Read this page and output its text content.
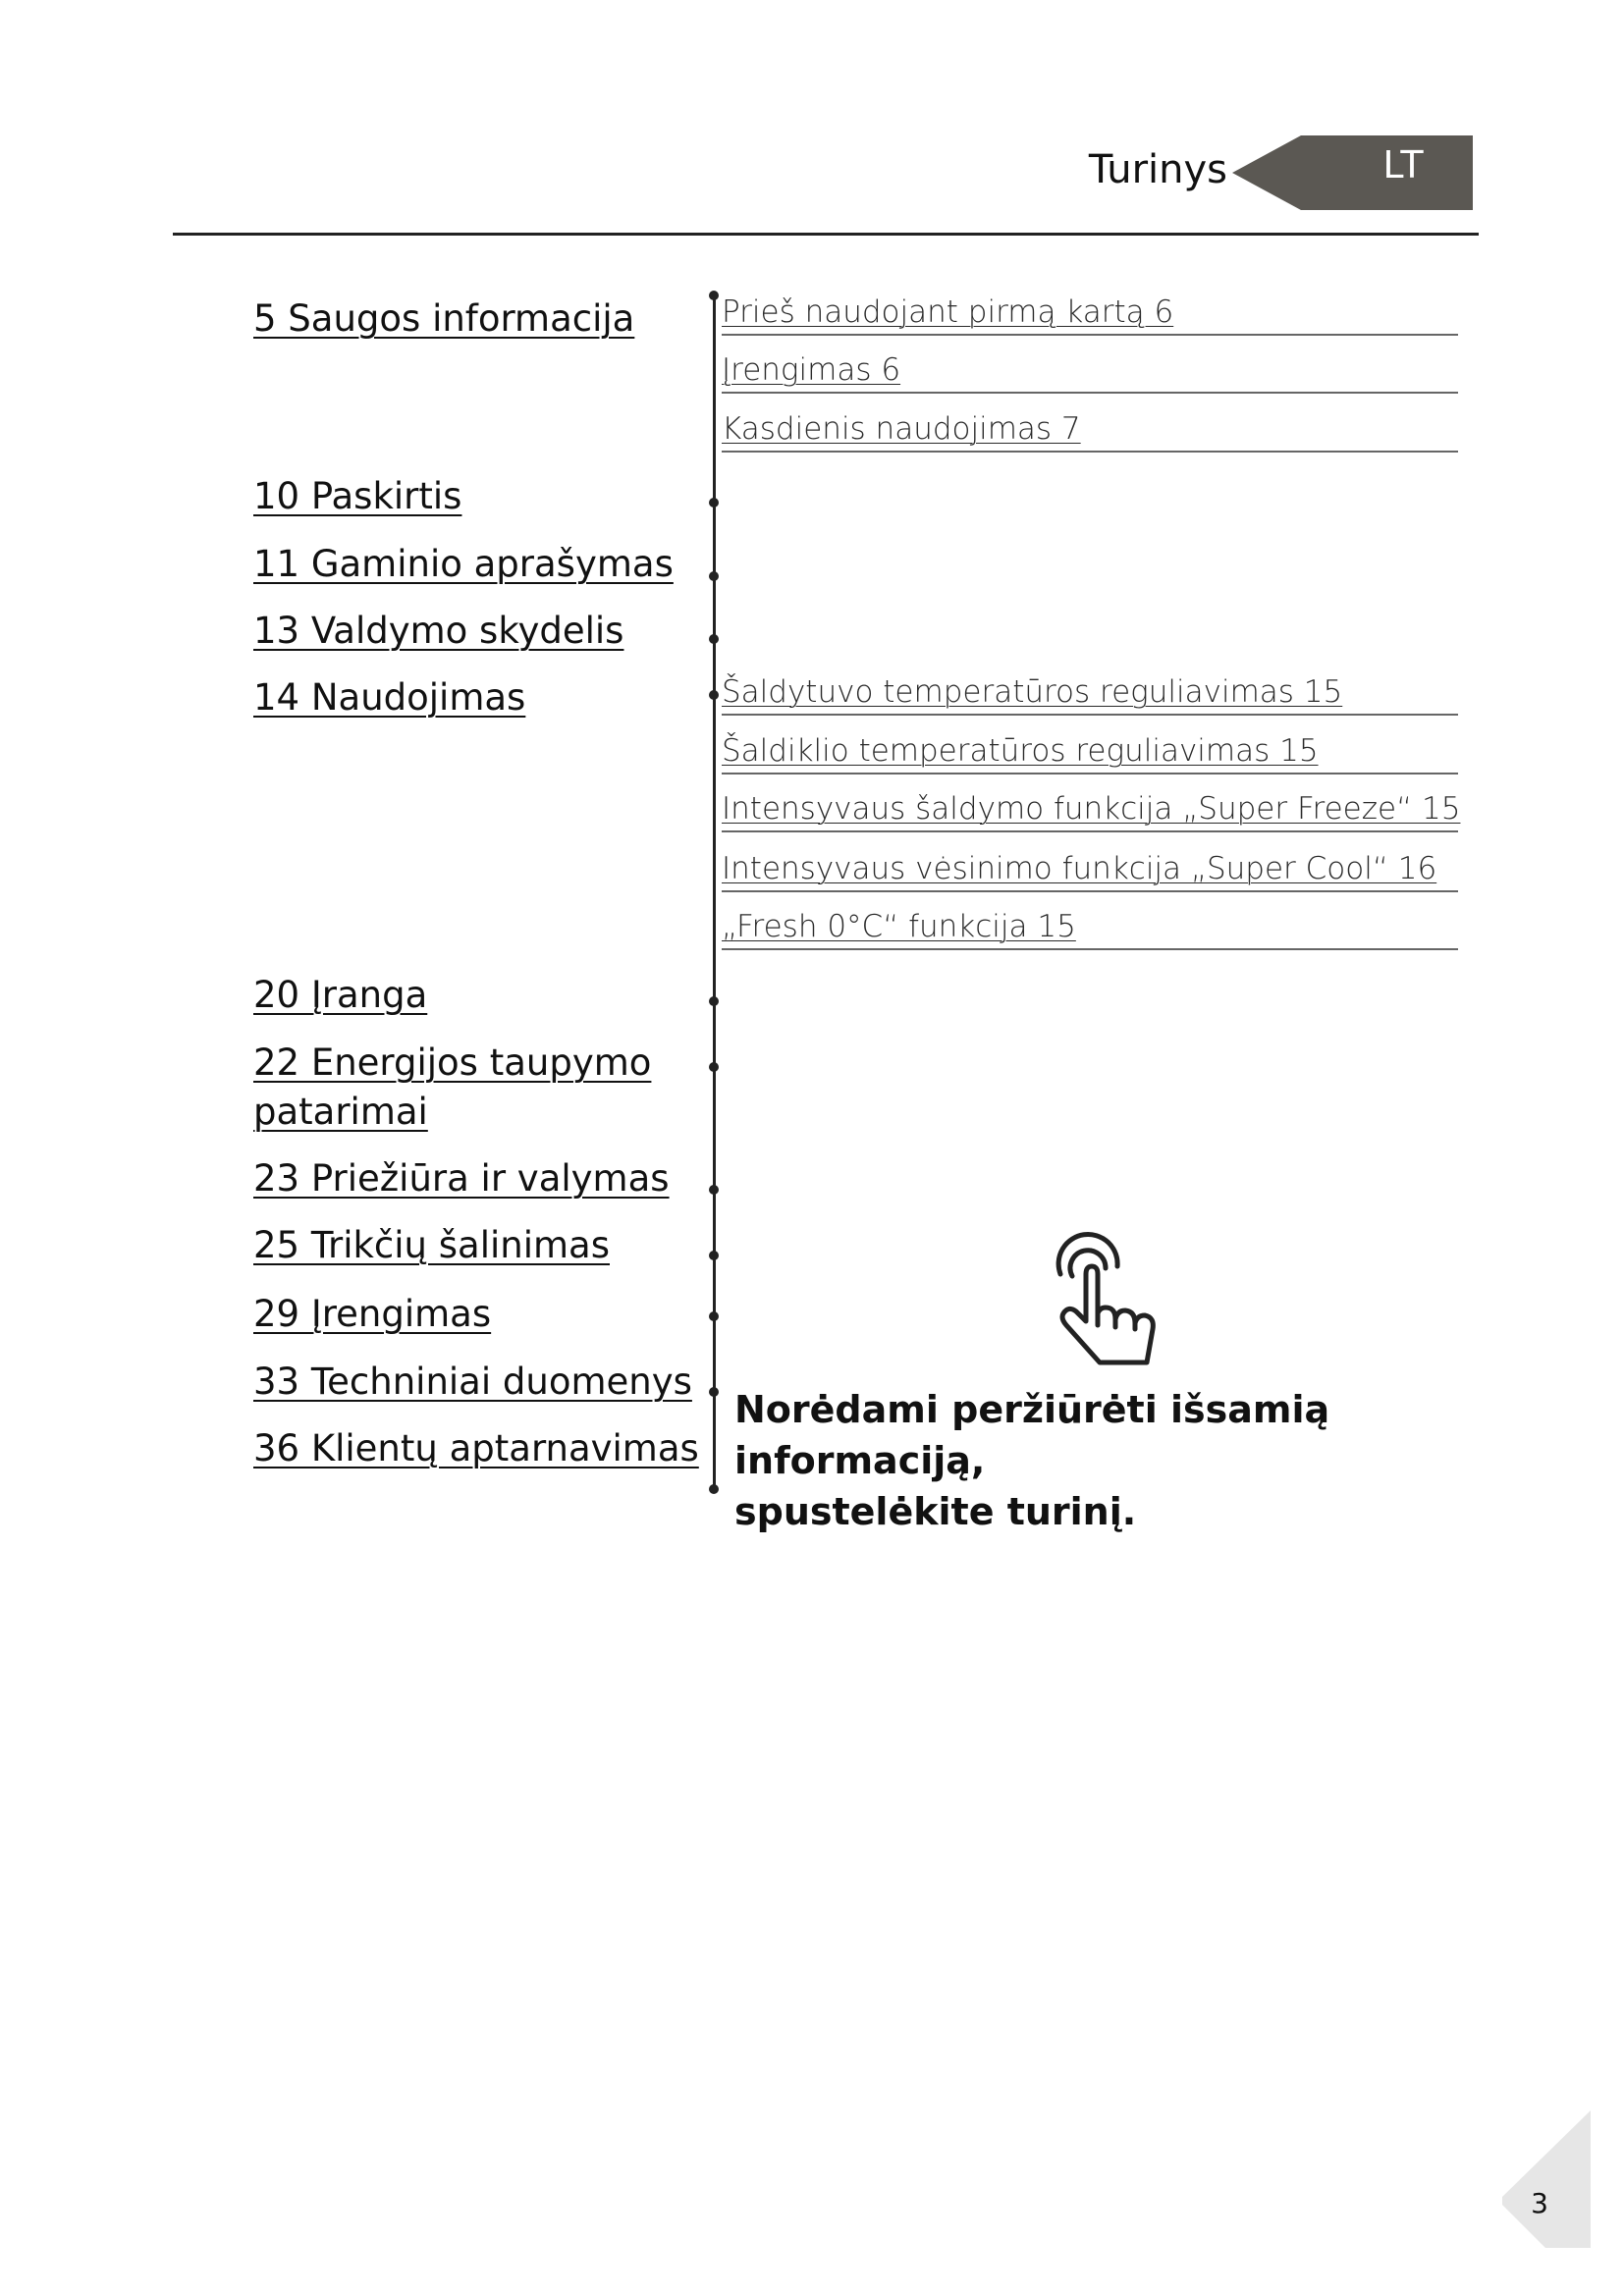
Turinys	LT
5 Saugos informacija
10 Paskirtis
11 Gaminio aprašymas
13 Valdymo skydelis
14 Naudojimas
20 Įranga
22 Energijos taupymo
patarimai
23 Priežiūra ir valymas
25 Trikčių šalinimas
29 Įrengimas
33 Techniniai duomenys
36 Klientų aptarnavimas
Prieš naudojant pirmą kartą 6
Įrengimas 6
Kasdienis naudojimas 7
Šaldytuvo temperatūros reguliavimas 15
Šaldiklio temperatūros reguliavimas 15
Intensyvaus šaldymo funkcija „Super Freeze“ 15
Intensyvaus vėsinimo funkcija „Super Cool“ 16
„Fresh 0°C“ funkcija 15
Norėdami peržiūrėti išsamią informaciją,
spustelėkite turinį.
3
